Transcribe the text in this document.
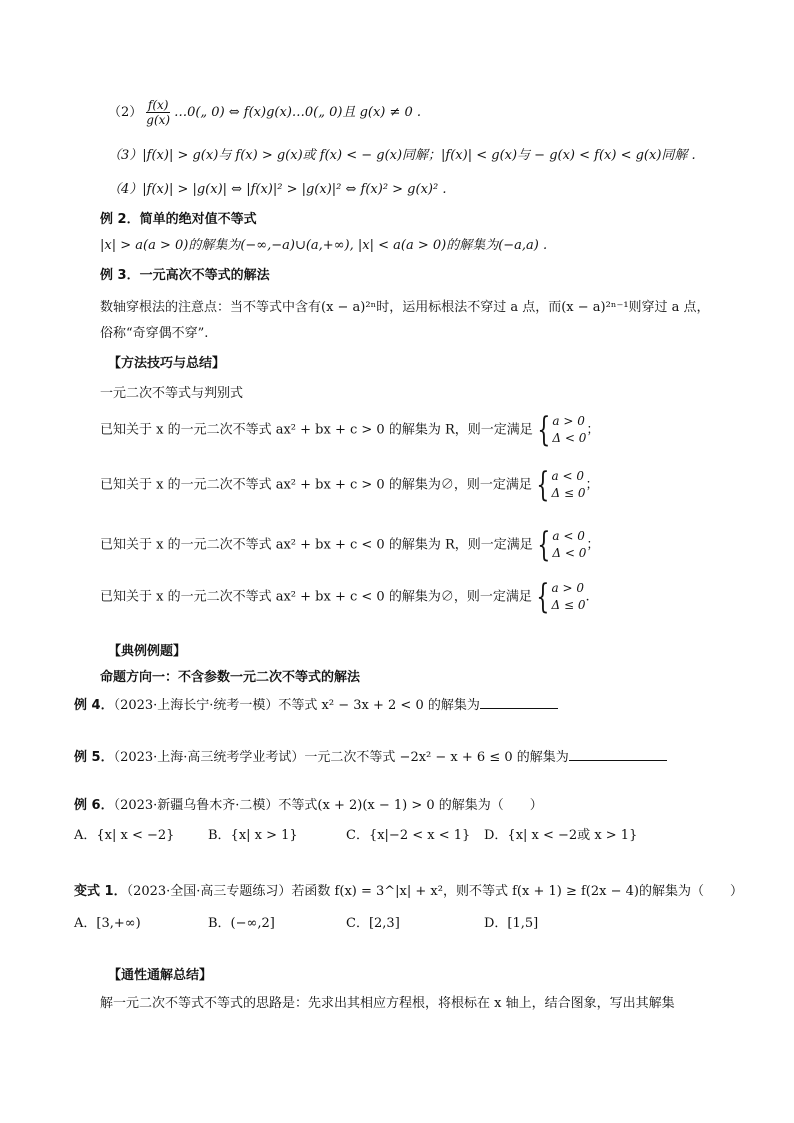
$(2) \frac{f(x)}{g(x)}$ …0(„ 0) ⇔ f(x)g(x)…0(„ 0)且 g(x) ≠ 0 .
（3）|f(x)| > g(x)与 f(x) > g(x)或 f(x) < − g(x)同解；|f(x)| < g(x)与 − g(x) < f(x) < g(x)同解 .
（4）|f(x)| > |g(x)| ⇔ |f(x)|² > |g(x)|² ⇔ f(x)² > g(x)² .
例 2．简单的绝对值不等式
|x| > a(a > 0)的解集为(−∞,−a)∪(a,+∞), |x| < a(a > 0)的解集为(−a,a) .
例 3．一元高次不等式的解法
数轴穿根法的注意点：当不等式中含有(x − a)²ⁿ时，运用标根法不穿过 a 点，而(x − a)²ⁿ⁻¹则穿过 a 点，
俗称“奇穿偶不穿”.
【方法技巧与总结】
一元二次不等式与判别式
已知关于 x 的一元二次不等式 ax² + bx + c > 0 的解集为 R，则一定满足 { a > 0
Δ < 0
；
已知关于 x 的一元二次不等式 ax² + bx + c > 0 的解集为∅，则一定满足 { a < 0
Δ ≤ 0
；
已知关于 x 的一元二次不等式 ax² + bx + c < 0 的解集为 R，则一定满足 { a < 0
Δ < 0
；
已知关于 x 的一元二次不等式 ax² + bx + c < 0 的解集为∅，则一定满足 { a > 0
Δ ≤ 0
.
【典例例题】
命题方向一：不含参数一元二次不等式的解法
例 4．（2023·上海长宁·统考一模）不等式 x² − 3x + 2 < 0 的解集为
例 5．（2023·上海·高三统考学业考试）一元二次不等式 −2x² − x + 6 ≤ 0 的解集为
例 6．（2023·新疆乌鲁木齐·二模）不等式(x + 2)(x − 1) > 0 的解集为（　　）
A．{x| x < −2}	B．{x| x > 1}	C．{x|−2 < x < 1} D．{x| x < −2或 x > 1}
变式 1．（2023·全国·高三专题练习）若函数 f(x) = 3^|x| + x²，则不等式 f(x + 1) ≥ f(2x − 4)的解集为（　　）
A．[3,+∞)	B．(−∞,2]	C．[2,3]	D．[1,5]
【通性通解总结】
解一元二次不等式不等式的思路是：先求出其相应方程根，将根标在 x 轴上，结合图象，写出其解集
